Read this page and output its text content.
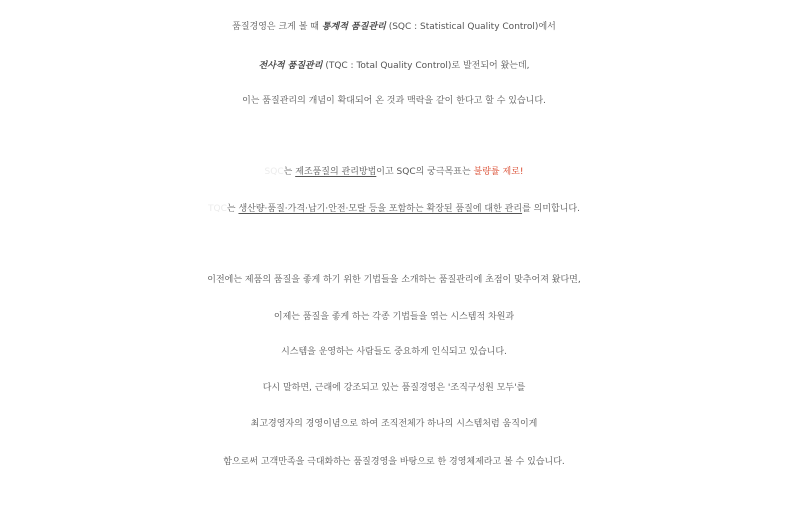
품질경영은 크게 볼 때 통계적 품질관리 (SQC : Statistical Quality Control)에서
전사적 품질관리 (TQC : Total Quality Control)로 발전되어 왔는데,
이는 품질관리의 개념이 확대되어 온 것과 맥락을 같이 한다고 할 수 있습니다.
SQC는 제조품질의 관리방법이고 SQC의 궁극목표는 불량률 제로!
TQC는 생산량·품질·가격·납기·안전·모랄 등을 포함하는 확장된 품질에 대한 관리를 의미합니다.
이전에는 제품의 품질을 좋게 하기 위한 기법들을 소개하는 품질관리에 초점이 맞추어져 왔다면,
이제는 품질을 좋게 하는 각종 기법들을 엮는 시스템적 차원과
시스템을 운영하는 사람들도 중요하게 인식되고 있습니다.
다시 말하면, 근래에 강조되고 있는 품질경영은 '조직구성원 모두'를
최고경영자의 경영이념으로 하여 조직전체가 하나의 시스템처럼 움직이게
함으로써 고객만족을 극대화하는 품질경영을 바탕으로 한 경영체제라고 볼 수 있습니다.
